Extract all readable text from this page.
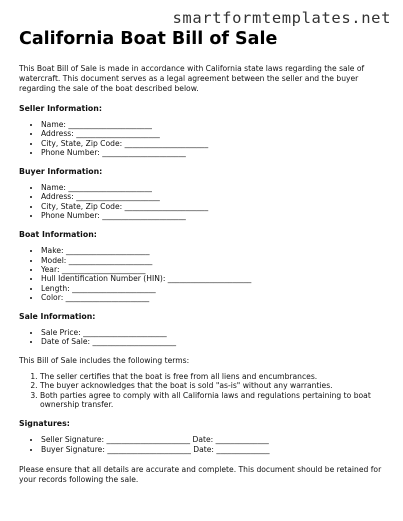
smartformtemplates.net
California Boat Bill of Sale

This Boat Bill of Sale is made in accordance with California state laws regarding the sale of watercraft. This document serves as a legal agreement between the seller and the buyer regarding the sale of the boat described below.

Seller Information:
• Name: ______________________
• Address: ______________________
• City, State, Zip Code: ______________________
• Phone Number: ______________________
Buyer Information:
• Name: ______________________
• Address: ______________________
• City, State, Zip Code: ______________________
• Phone Number: ______________________
Boat Information:
• Make: ______________________
• Model: ______________________
• Year: ______________________
• Hull Identification Number (HIN): ______________________
• Length: ______________________
• Color: ______________________
Sale Information:
• Sale Price: ______________________
• Date of Sale: ______________________

This Bill of Sale includes the following terms:

1. The seller certifies that the boat is free from all liens and encumbrances.
2. The buyer acknowledges that the boat is sold "as-is" without any warranties.
3. Both parties agree to comply with all California laws and regulations pertaining to boat ownership transfer.
Signatures:
• Seller Signature: ______________________ Date: ______________
• Buyer Signature: ______________________ Date: ______________

Please ensure that all details are accurate and complete. This document should be retained for your records following the sale.
